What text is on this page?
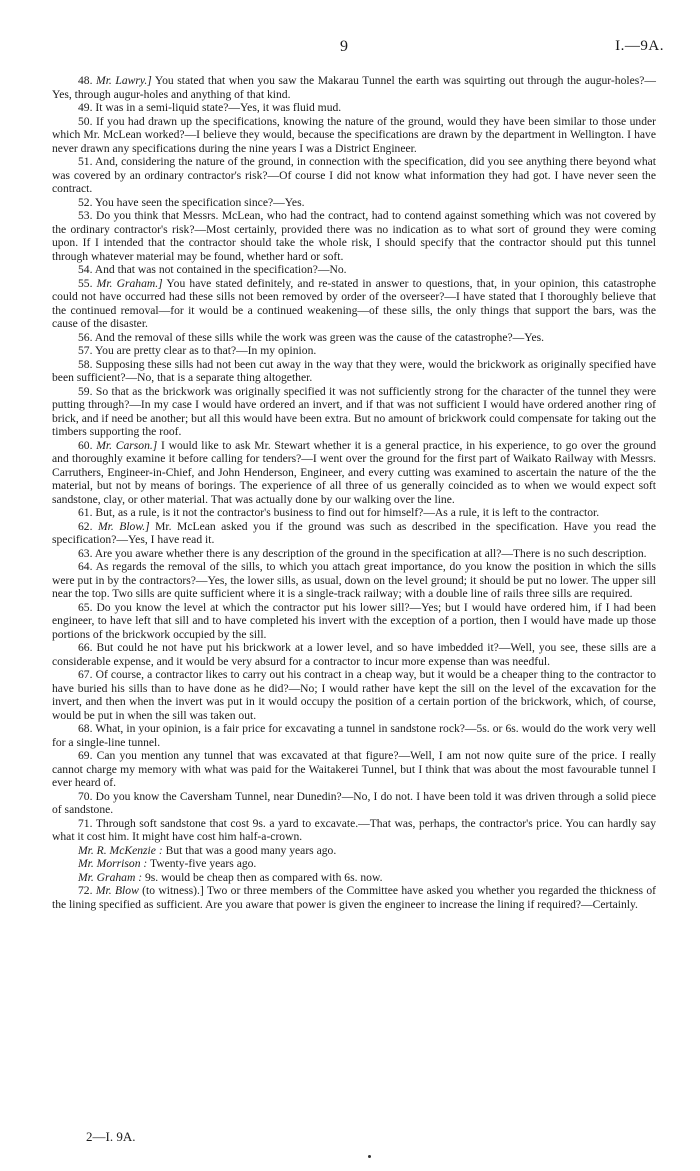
9	I.—9A.

48. Mr. Lawry.] You stated that when you saw the Makarau Tunnel the earth was squirting out through the augur-holes?—Yes, through augur-holes and anything of that kind.

49. It was in a semi-liquid state?—Yes, it was fluid mud.

50. If you had drawn up the specifications, knowing the nature of the ground, would they have been similar to those under which Mr. McLean worked?—I believe they would, because the specifications are drawn by the department in Wellington. I have never drawn any specifications during the nine years I was a District Engineer.

51. And, considering the nature of the ground, in connection with the specification, did you see anything there beyond what was covered by an ordinary contractor's risk?—Of course I did not know what information they had got. I have never seen the contract.

52. You have seen the specification since?—Yes.

53. Do you think that Messrs. McLean, who had the contract, had to contend against something which was not covered by the ordinary contractor's risk?—Most certainly, provided there was no indication as to what sort of ground they were coming upon. If I intended that the contractor should take the whole risk, I should specify that the contractor should put this tunnel through whatever material may be found, whether hard or soft.

54. And that was not contained in the specification?—No.

55. Mr. Graham.] You have stated definitely, and re-stated in answer to questions, that, in your opinion, this catastrophe could not have occurred had these sills not been removed by order of the overseer?—I have stated that I thoroughly believe that the continued removal—for it would be a continued weakening—of these sills, the only things that support the bars, was the cause of the disaster.

56. And the removal of these sills while the work was green was the cause of the catastrophe?—Yes.

57. You are pretty clear as to that?—In my opinion.

58. Supposing these sills had not been cut away in the way that they were, would the brickwork as originally specified have been sufficient?—No, that is a separate thing altogether.

59. So that as the brickwork was originally specified it was not sufficiently strong for the character of the tunnel they were putting through?—In my case I would have ordered an invert, and if that was not sufficient I would have ordered another ring of brick, and if need be another; but all this would have been extra. But no amount of brickwork could compensate for taking out the timbers supporting the roof.

60. Mr. Carson.] I would like to ask Mr. Stewart whether it is a general practice, in his experience, to go over the ground and thoroughly examine it before calling for tenders?—I went over the ground for the first part of Waikato Railway with Messrs. Carruthers, Engineer-in-Chief, and John Henderson, Engineer, and every cutting was examined to ascertain the nature of the the material, but not by means of borings. The experience of all three of us generally coincided as to when we would expect soft sandstone, clay, or other material. That was actually done by our walking over the line.

61. But, as a rule, is it not the contractor's business to find out for himself?—As a rule, it is left to the contractor.

62. Mr. Blow.] Mr. McLean asked you if the ground was such as described in the specification. Have you read the specification?—Yes, I have read it.

63. Are you aware whether there is any description of the ground in the specification at all?—There is no such description.

64. As regards the removal of the sills, to which you attach great importance, do you know the position in which the sills were put in by the contractors?—Yes, the lower sills, as usual, down on the level ground; it should be put no lower. The upper sill near the top. Two sills are quite sufficient where it is a single-track railway; with a double line of rails three sills are required.

65. Do you know the level at which the contractor put his lower sill?—Yes; but I would have ordered him, if I had been engineer, to have left that sill and to have completed his invert with the exception of a portion, then I would have made up those portions of the brickwork occupied by the sill.

66. But could he not have put his brickwork at a lower level, and so have imbedded it?—Well, you see, these sills are a considerable expense, and it would be very absurd for a contractor to incur more expense than was needful.

67. Of course, a contractor likes to carry out his contract in a cheap way, but it would be a cheaper thing to the contractor to have buried his sills than to have done as he did?—No; I would rather have kept the sill on the level of the excavation for the invert, and then when the invert was put in it would occupy the position of a certain portion of the brickwork, which, of course, would be put in when the sill was taken out.

68. What, in your opinion, is a fair price for excavating a tunnel in sandstone rock?—5s. or 6s. would do the work very well for a single-line tunnel.

69. Can you mention any tunnel that was excavated at that figure?—Well, I am not now quite sure of the price. I really cannot charge my memory with what was paid for the Waitakerei Tunnel, but I think that was about the most favourable tunnel I ever heard of.

70. Do you know the Caversham Tunnel, near Dunedin?—No, I do not. I have been told it was driven through a solid piece of sandstone.

71. Through soft sandstone that cost 9s. a yard to excavate.—That was, perhaps, the contractor's price. You can hardly say what it cost him. It might have cost him half-a-crown.

Mr. R. McKenzie : But that was a good many years ago.

Mr. Morrison : Twenty-five years ago.

Mr. Graham : 9s. would be cheap then as compared with 6s. now.

72. Mr. Blow (to witness).] Two or three members of the Committee have asked you whether you regarded the thickness of the lining specified as sufficient. Are you aware that power is given the engineer to increase the lining if required?—Certainly.

2—I. 9A.
